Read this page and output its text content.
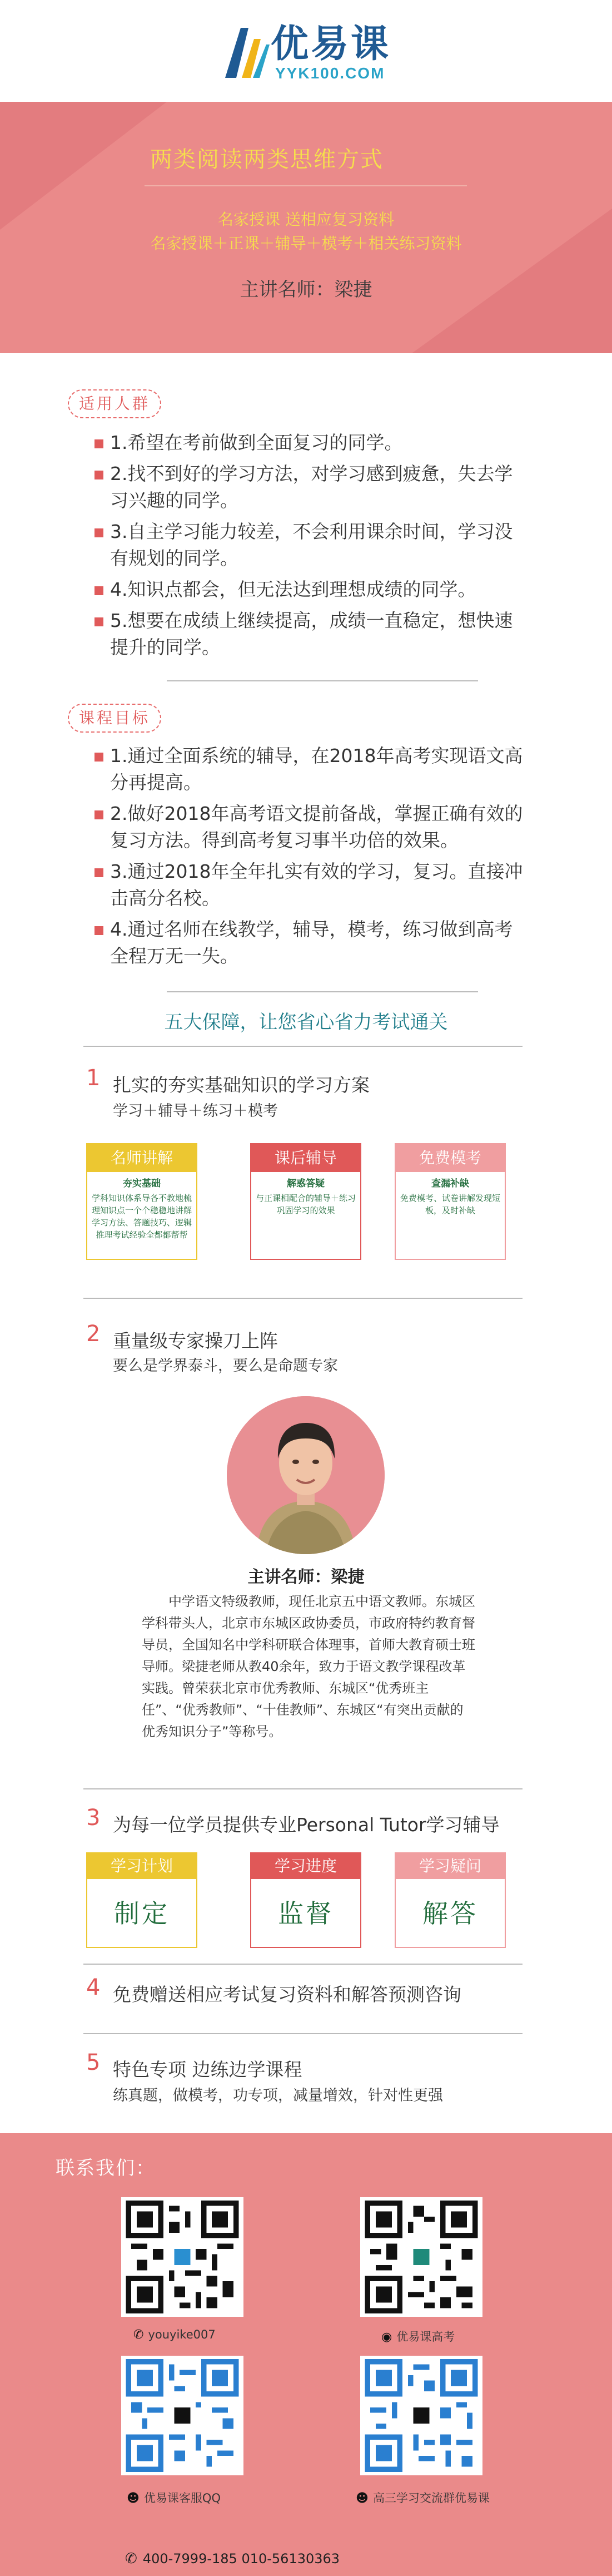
优易课
YYK100.COM
两类阅读两类思维方式
名家授课 送相应复习资料
名家授课＋正课＋辅导＋模考＋相关练习资料
主讲名师：梁捷
适用人群
1.希望在考前做到全面复习的同学。
2.找不到好的学习方法，对学习感到疲惫，失去学习兴趣的同学。
3.自主学习能力较差，不会利用课余时间，学习没有规划的同学。
4.知识点都会，但无法达到理想成绩的同学。
5.想要在成绩上继续提高，成绩一直稳定，想快速提升的同学。
课程目标
1.通过全面系统的辅导，在2018年高考实现语文高分再提高。
2.做好2018年高考语文提前备战，掌握正确有效的复习方法。得到高考复习事半功倍的效果。
3.通过2018年全年扎实有效的学习，复习。直接冲击高分名校。
4.通过名师在线教学，辅导，模考，练习做到高考全程万无一失。
五大保障，让您省心省力考试通关
1 扎实的夯实基础知识的学习方案
学习＋辅导＋练习＋模考
名师讲解
夯实基础
学科知识体系导各不教地梳理知识点一个个稳稳地讲解学习方法、答题技巧、逻辑推理考试经验全都都帮帮
课后辅导
解惑答疑
与正课相配合的辅导＋练习巩固学习的效果
免费模考
查漏补缺
免费模考、试卷讲解发现短板，及时补缺
2 重量级专家操刀上阵
要么是学界泰斗，要么是命题专家
主讲名师：梁捷
中学语文特级教师，现任北京五中语文教师。东城区学科带头人，北京市东城区政协委员，市政府特约教育督导员，全国知名中学科研联合体理事，首师大教育硕士班导师。梁捷老师从教40余年，致力于语文教学课程改革实践。曾荣获北京市优秀教师、东城区“优秀班主任”、“优秀教师”、“十佳教师”、东城区“有突出贡献的优秀知识分子”等称号。
3 为每一位学员提供专业Personal Tutor学习辅导
学习计划
制定
学习进度
监督
学习疑问
解答
4 免费赠送相应考试复习资料和解答预测咨询
5 特色专项 边练边学课程
练真题，做模考，功专项，减量增效，针对性更强
联系我们：
✆ youyike007	◉ 优易课高考
☻ 优易课客服QQ	☻ 高三学习交流群优易课
✆ 400-7999-185 010-56130363
